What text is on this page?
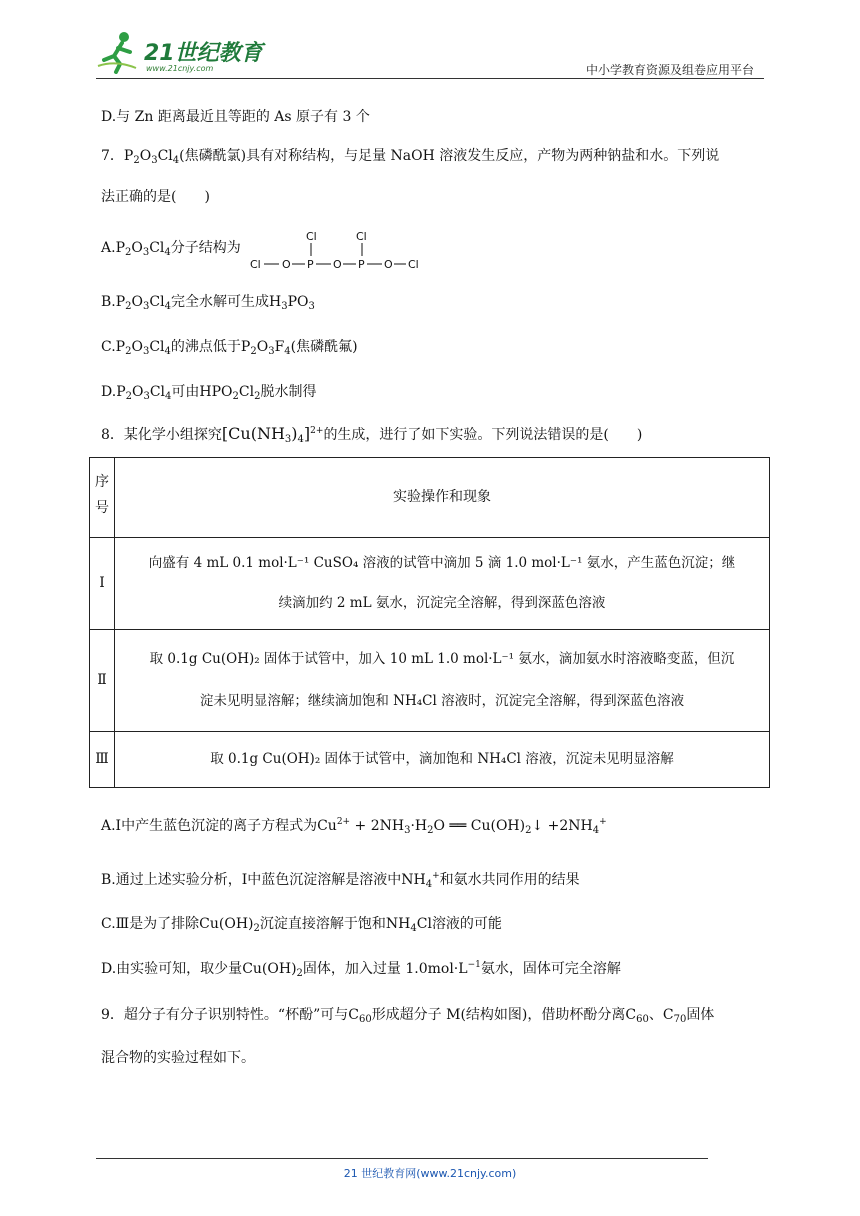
21世纪教育
www.21cnjy.com	中小学教育资源及组卷应用平台
D.与 Zn 距离最近且等距的 As 原子有 3 个
7．$P_2O_3Cl_4$(焦磷酰氯)具有对称结构，与足量 NaOH 溶液发生反应，产物为两种钠盐和水。下列说
法正确的是(　　)
$A.P_2O_3Cl_4$分子结构为
Cl	Cl
Cl O P O P O Cl
$B.P_2O_3Cl_4$完全水解可生成$H_3PO_3$
$C.P_2O_3Cl_4$的沸点低于$P_2O_3F_4$(焦磷酰氟)
$D.P_2O_3Cl_4$可由$HPO_2Cl_2$脱水制得
8．某化学小组探究$[Cu(NH_3)_4]^{2+}$的生成，进行了如下实验。下列说法错误的是(　　)
序号	实验操作和现象
Ⅰ	向盛有 4 mL 0.1 mol·L⁻¹ CuSO₄ 溶液的试管中滴加 5 滴 1.0 mol·L⁻¹ 氨水，产生蓝色沉淀；继
续滴加约 2 mL 氨水，沉淀完全溶解，得到深蓝色溶液

Ⅱ	取 0.1g Cu(OH)₂ 固体于试管中，加入 10 mL 1.0 mol·L⁻¹ 氨水，滴加氨水时溶液略变蓝，但沉
淀未见明显溶解；继续滴加饱和 NH₄Cl 溶液时，沉淀完全溶解，得到深蓝色溶液

Ⅲ	取 0.1g Cu(OH)₂ 固体于试管中，滴加饱和 NH₄Cl 溶液，沉淀未见明显溶解
A.Ⅰ中产生蓝色沉淀的离子方程式为$Cu^{2+} + 2NH_3\cdot H_2O$ ══ $Cu(OH)_2↓ +2NH_4^+$
B.通过上述实验分析，Ⅰ中蓝色沉淀溶解是溶液中$NH_4^+$和氨水共同作用的结果
C.Ⅲ是为了排除$Cu(OH)_2$沉淀直接溶解于饱和$NH_4Cl$溶液的可能
D.由实验可知，取少量$Cu(OH)_2$固体，加入过量 $1.0mol\cdot L^{-1}$氨水，固体可完全溶解
9．超分子有分子识别特性。“杯酚”可与$C_{60}$形成超分子 M(结构如图)，借助杯酚分离$C_{60}$、$C_{70}$固体
混合物的实验过程如下。
21 世纪教育网(www.21cnjy.com)
